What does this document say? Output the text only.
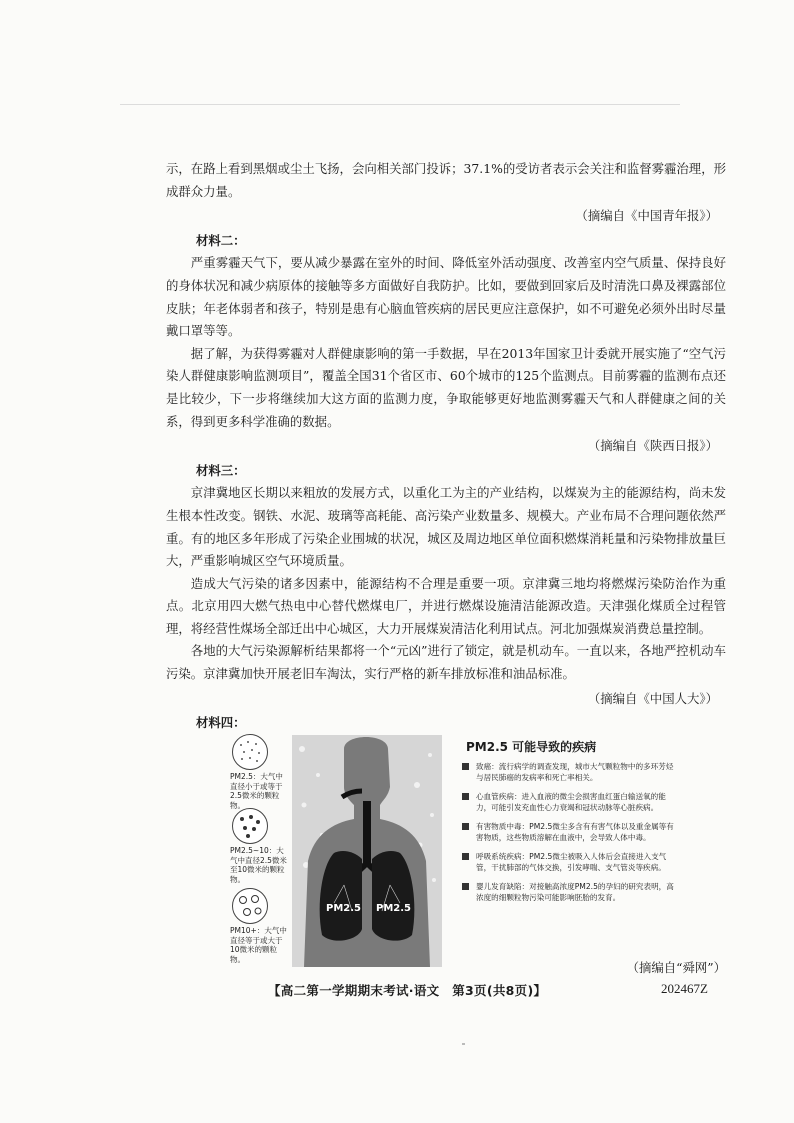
示，在路上看到黑烟或尘土飞扬，会向相关部门投诉；37.1%的受访者表示会关注和监督雾霾治理，形成群众力量。

（摘编自《中国青年报》）
材料二：

严重雾霾天气下，要从减少暴露在室外的时间、降低室外活动强度、改善室内空气质量、保持良好的身体状况和减少病原体的接触等多方面做好自我防护。比如，要做到回家后及时清洗口鼻及裸露部位皮肤；年老体弱者和孩子，特别是患有心脑血管疾病的居民更应注意保护，如不可避免必须外出时尽量戴口罩等等。

据了解，为获得雾霾对人群健康影响的第一手数据，早在2013年国家卫计委就开展实施了“空气污染人群健康影响监测项目”，覆盖全国31个省区市、60个城市的125个监测点。目前雾霾的监测布点还是比较少，下一步将继续加大这方面的监测力度，争取能够更好地监测雾霾天气和人群健康之间的关系，得到更多科学准确的数据。

（摘编自《陕西日报》）
材料三：

京津冀地区长期以来粗放的发展方式，以重化工为主的产业结构，以煤炭为主的能源结构，尚未发生根本性改变。钢铁、水泥、玻璃等高耗能、高污染产业数量多、规模大。产业布局不合理问题依然严重。有的地区多年形成了污染企业围城的状况，城区及周边地区单位面积燃煤消耗量和污染物排放量巨大，严重影响城区空气环境质量。

造成大气污染的诸多因素中，能源结构不合理是重要一项。京津冀三地均将燃煤污染防治作为重点。北京用四大燃气热电中心替代燃煤电厂，并进行燃煤设施清洁能源改造。天津强化煤质全过程管理，将经营性煤场全部迁出中心城区，大力开展煤炭清洁化利用试点。河北加强煤炭消费总量控制。

各地的大气污染源解析结果都将一个“元凶”进行了锁定，就是机动车。一直以来，各地严控机动车污染。京津冀加快开展老旧车淘汰，实行严格的新车排放标准和油品标准。

（摘编自《中国人大》）
材料四：
PM2.5：大气中直径小于或等于2.5微米的颗粒物。
PM2.5~10：大气中直径2.5微米至10微米的颗粒物。
PM10+：大气中直径等于或大于10微米的颗粒物。
PM2.5 PM2.5
PM2.5 可能导致的疾病
致癌：流行病学的调查发现，城市大气颗粒物中的多环芳烃与居民肺癌的发病率和死亡率相关。
心血管疾病：进入血液的微尘会损害血红蛋白输送氧的能力，可能引发充血性心力衰竭和冠状动脉等心脏疾病。
有害物质中毒：PM2.5微尘多含有有害气体以及重金属等有害物质，这些物质溶解在血液中，会导致人体中毒。
呼吸系统疾病：PM2.5微尘被吸入人体后会直接进入支气管，干扰肺部的气体交换，引发哮喘、支气管炎等疾病。
婴儿发育缺陷：对接触高浓度PM2.5的孕妇的研究表明，高浓度的细颗粒物污染可能影响胚胎的发育。
（摘编自“舜网”）
【高二第一学期期末考试·语文　第3页(共8页)】	202467Z
